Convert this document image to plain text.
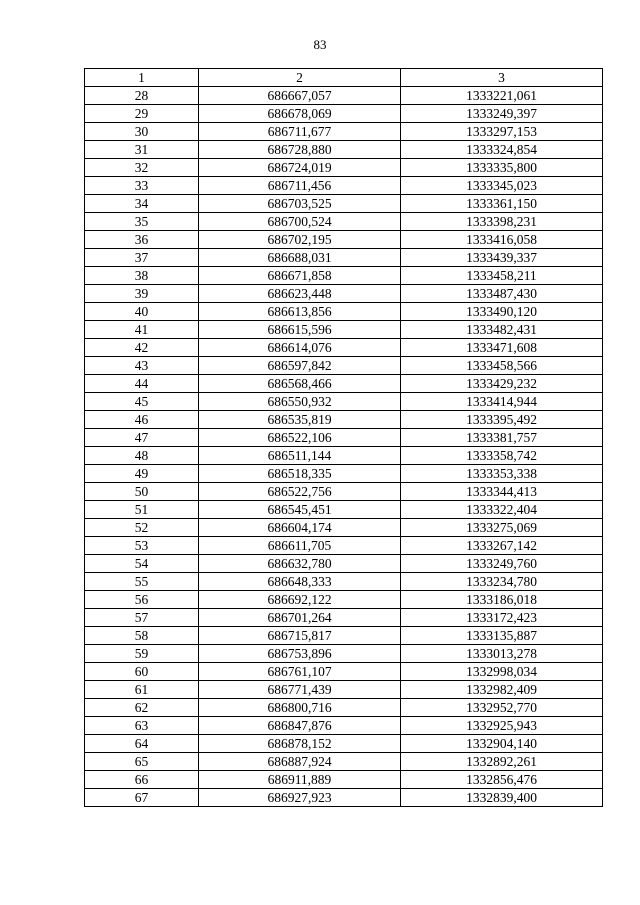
83
1	2	3
28	686667,057	1333221,061
29	686678,069	1333249,397
30	686711,677	1333297,153
31	686728,880	1333324,854
32	686724,019	1333335,800
33	686711,456	1333345,023
34	686703,525	1333361,150
35	686700,524	1333398,231
36	686702,195	1333416,058
37	686688,031	1333439,337
38	686671,858	1333458,211
39	686623,448	1333487,430
40	686613,856	1333490,120
41	686615,596	1333482,431
42	686614,076	1333471,608
43	686597,842	1333458,566
44	686568,466	1333429,232
45	686550,932	1333414,944
46	686535,819	1333395,492
47	686522,106	1333381,757
48	686511,144	1333358,742
49	686518,335	1333353,338
50	686522,756	1333344,413
51	686545,451	1333322,404
52	686604,174	1333275,069
53	686611,705	1333267,142
54	686632,780	1333249,760
55	686648,333	1333234,780
56	686692,122	1333186,018
57	686701,264	1333172,423
58	686715,817	1333135,887
59	686753,896	1333013,278
60	686761,107	1332998,034
61	686771,439	1332982,409
62	686800,716	1332952,770
63	686847,876	1332925,943
64	686878,152	1332904,140
65	686887,924	1332892,261
66	686911,889	1332856,476
67	686927,923	1332839,400
